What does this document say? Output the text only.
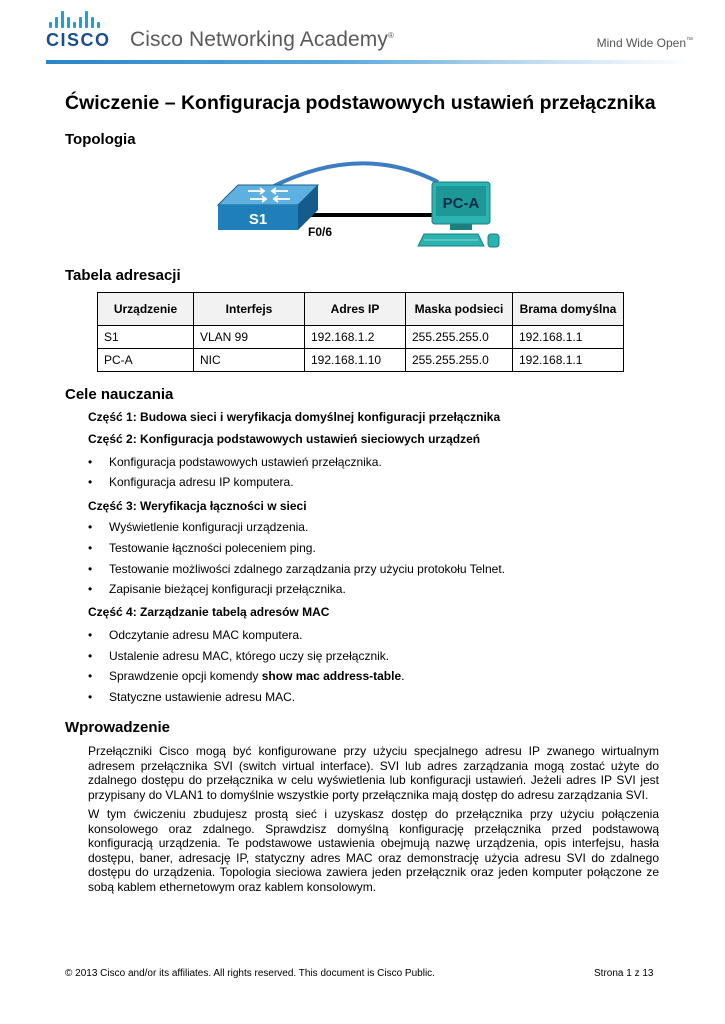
CISCO Cisco Networking Academy®
Mind Wide Open™
Ćwiczenie – Konfiguracja podstawowych ustawień przełącznika
Topologia
S1
F0/6
PC-A
Tabela adresacji
Urządzenie	Interfejs	Adres IP	Maska podsieci	Brama domyślna
S1	VLAN 99	192.168.1.2	255.255.255.0	192.168.1.1
PC-A	NIC	192.168.1.10	255.255.255.0	192.168.1.1
Cele nauczania
Część 1: Budowa sieci i weryfikacja domyślnej konfiguracji przełącznika
Część 2: Konfiguracja podstawowych ustawień sieciowych urządzeń
• Konfiguracja podstawowych ustawień przełącznika.
• Konfiguracja adresu IP komputera.
Część 3: Weryfikacja łączności w sieci
• Wyświetlenie konfiguracji urządzenia.
• Testowanie łączności poleceniem ping.
• Testowanie możliwości zdalnego zarządzania przy użyciu protokołu Telnet.
• Zapisanie bieżącej konfiguracji przełącznika.
Część 4: Zarządzanie tabelą adresów MAC
• Odczytanie adresu MAC komputera.
• Ustalenie adresu MAC, którego uczy się przełącznik.
• Sprawdzenie opcji komendy show mac address-table.
• Statyczne ustawienie adresu MAC.
Wprowadzenie
Przełączniki Cisco mogą być konfigurowane przy użyciu specjalnego adresu IP zwanego wirtualnym adresem przełącznika SVI (switch virtual interface). SVI lub adres zarządzania mogą zostać użyte do zdalnego dostępu do przełącznika w celu wyświetlenia lub konfiguracji ustawień. Jeżeli adres IP SVI jest przypisany do VLAN1 to domyślnie wszystkie porty przełącznika mają dostęp do adresu zarządzania SVI.
W tym ćwiczeniu zbudujesz prostą sieć i uzyskasz dostęp do przełącznika przy użyciu połączenia konsolowego oraz zdalnego. Sprawdzisz domyślną konfigurację przełącznika przed podstawową konfiguracją urządzenia. Te podstawowe ustawienia obejmują nazwę urządzenia, opis interfejsu, hasła dostępu, baner, adresację IP, statyczny adres MAC oraz demonstrację użycia adresu SVI do zdalnego dostępu do urządzenia. Topologia sieciowa zawiera jeden przełącznik oraz jeden komputer połączone ze sobą kablem ethernetowym oraz kablem konsolowym.
© 2013 Cisco and/or its affiliates. All rights reserved. This document is Cisco Public.	Strona 1 z 13
